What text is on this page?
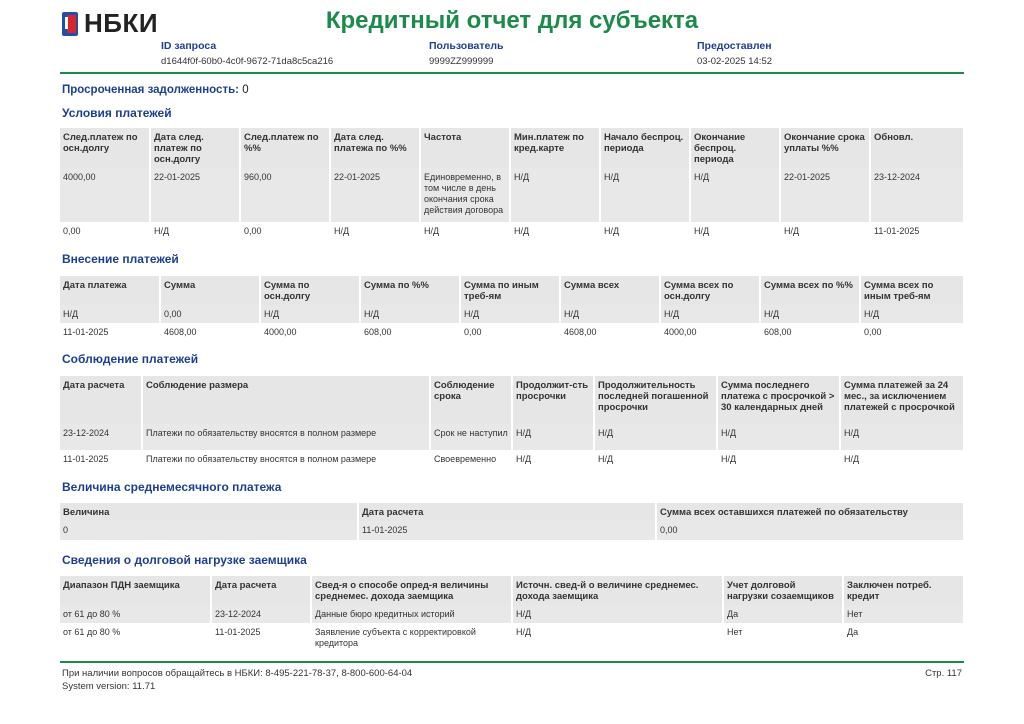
НБКИ	Кредитный отчет для субъекта
ID запроса
d1644f0f-60b0-4c0f-9672-71da8c5ca216
Пользователь
9999ZZ999999
Предоставлен
03-02-2025 14:52
Просроченная задолженность: 0
Условия платежей
След.платеж по осн.долгу	Дата след. платеж по осн.долгу	След.платеж по %%	Дата след. платежа по %%	Частота	Мин.платеж по кред.карте	Начало беспроц. периода	Окончание беспроц. периода	Окончание срока уплаты %%	Обновл.
4000,00	22-01-2025	960,00	22-01-2025	Единовременно, в том числе в день окончания срока действия договора	Н/Д	Н/Д	Н/Д	22-01-2025	23-12-2024
0,00	Н/Д	0,00	Н/Д	Н/Д	Н/Д	Н/Д	Н/Д	Н/Д	11-01-2025
Внесение платежей
Дата платежа	Сумма	Сумма по осн.долгу	Сумма по %%	Сумма по иным треб-ям	Сумма всех	Сумма всех по осн.долгу	Сумма всех по %%	Сумма всех по иным треб-ям
Н/Д	0,00	Н/Д	Н/Д	Н/Д	Н/Д	Н/Д	Н/Д	Н/Д
11-01-2025	4608,00	4000,00	608,00	0,00	4608,00	4000,00	608,00	0,00
Соблюдение платежей
Дата расчета	Соблюдение размера	Соблюдение срока	Продолжит-сть просрочки	Продолжительность последней погашенной просрочки	Сумма последнего платежа с просрочкой > 30 календарных дней	Сумма платежей за 24 мес., за исключением платежей с просрочкой
23-12-2024	Платежи по обязательству вносятся в полном размере	Срок не наступил	Н/Д	Н/Д	Н/Д	Н/Д
11-01-2025	Платежи по обязательству вносятся в полном размере	Своевременно	Н/Д	Н/Д	Н/Д	Н/Д
Величина среднемесячного платежа
Величина	Дата расчета	Сумма всех оставшихся платежей по обязательству
0	11-01-2025	0,00
Сведения о долговой нагрузке заемщика
Диапазон ПДН заемщика	Дата расчета	Свед-я о способе опред-я величины среднемес. дохода заемщика	Источн. свед-й о величине среднемес. дохода заемщика	Учет долговой нагрузки созаемщиков	Заключен потреб. кредит
от 61 до 80 %	23-12-2024	Данные бюро кредитных историй	Н/Д	Да	Нет
от 61 до 80 %	11-01-2025	Заявление субъекта с корректировкой кредитора	Н/Д	Нет	Да
При наличии вопросов обращайтесь в НБКИ: 8-495-221-78-37, 8-800-600-64-04
System version: 11.71
Стр. 117
